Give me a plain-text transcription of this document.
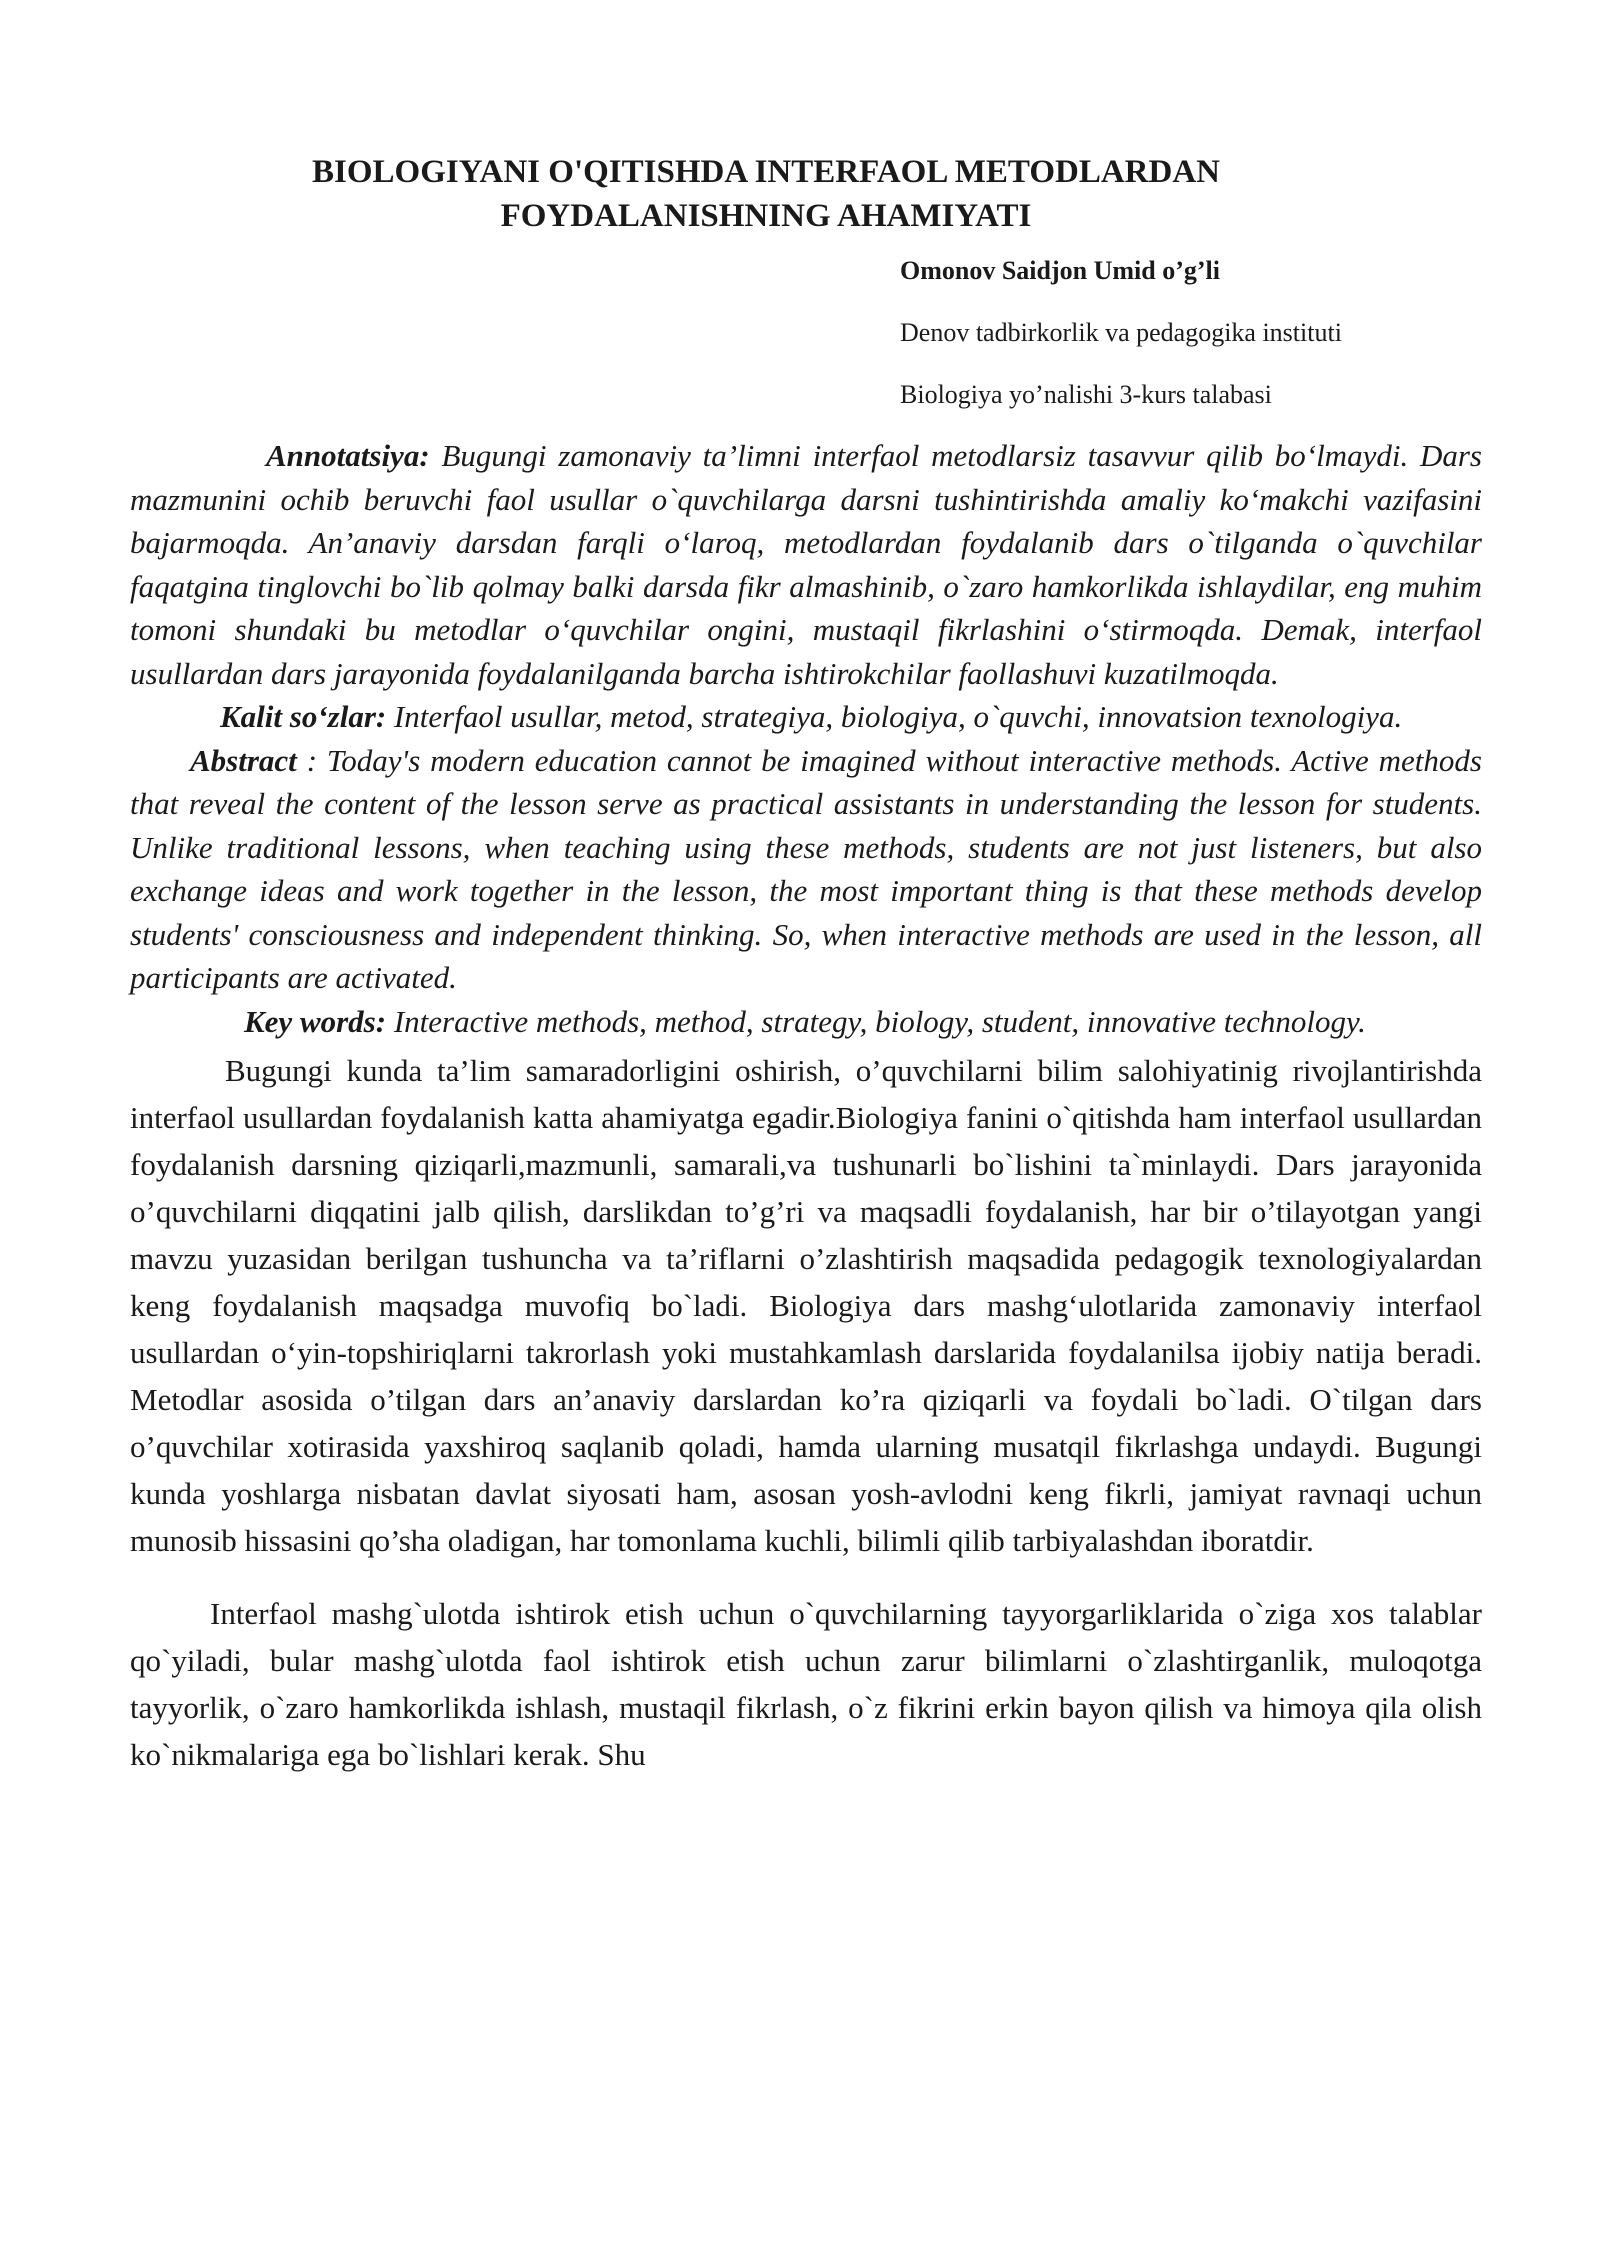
BIOLOGIYANI O'QITISHDA INTERFAOL METODLARDAN
FOYDALANISHNING AHAMIYATI
Omonov Saidjon Umid o’g’li
Denov tadbirkorlik va pedagogika instituti
Biologiya yo’nalishi 3-kurs talabasi

Annotatsiya: Bugungi zamonaviy ta’limni interfaol metodlarsiz tasavvur qilib bo‘lmaydi. Dars mazmunini ochib beruvchi faol usullar o`quvchilarga darsni tushintirishda amaliy ko‘makchi vazifasini bajarmoqda. An’anaviy darsdan farqli o‘laroq, metodlardan foydalanib dars o`tilganda o`quvchilar faqatgina tinglovchi bo`lib qolmay balki darsda fikr almashinib, o`zaro hamkorlikda ishlaydilar, eng muhim tomoni shundaki bu metodlar o‘quvchilar ongini, mustaqil fikrlashini o‘stirmoqda. Demak, interfaol usullardan dars jarayonida foydalanilganda barcha ishtirokchilar faollashuvi kuzatilmoqda.

Kalit so‘zlar: Interfaol usullar, metod, strategiya, biologiya, o`quvchi, innovatsion texnologiya.

Abstract : Today's modern education cannot be imagined without interactive methods. Active methods that reveal the content of the lesson serve as practical assistants in understanding the lesson for students. Unlike traditional lessons, when teaching using these methods, students are not just listeners, but also exchange ideas and work together in the lesson, the most important thing is that these methods develop students' consciousness and independent thinking. So, when interactive methods are used in the lesson, all participants are activated.

Key words: Interactive methods, method, strategy, biology, student, innovative technology.

Bugungi kunda ta’lim samaradorligini oshirish, o’quvchilarni bilim salohiyatinig rivojlantirishda interfaol usullardan foydalanish katta ahamiyatga egadir.Biologiya fanini o`qitishda ham interfaol usullardan foydalanish darsning qiziqarli,mazmunli, samarali,va tushunarli bo`lishini ta`minlaydi. Dars jarayonida o’quvchilarni diqqatini jalb qilish, darslikdan to’g’ri va maqsadli foydalanish, har bir o’tilayotgan yangi mavzu yuzasidan berilgan tushuncha va ta’riflarni o’zlashtirish maqsadida pedagogik texnologiyalardan keng foydalanish maqsadga muvofiq bo`ladi. Biologiya dars mashg‘ulotlarida zamonaviy interfaol usullardan o‘yin-topshiriqlarni takrorlash yoki mustahkamlash darslarida foydalanilsa ijobiy natija beradi. Metodlar asosida o’tilgan dars an’anaviy darslardan ko’ra qiziqarli va foydali bo`ladi. O`tilgan dars o’quvchilar xotirasida yaxshiroq saqlanib qoladi, hamda ularning musatqil fikrlashga undaydi. Bugungi kunda yoshlarga nisbatan davlat siyosati ham, asosan yosh-avlodni keng fikrli, jamiyat ravnaqi uchun munosib hissasini qo’sha oladigan, har tomonlama kuchli, bilimli qilib tarbiyalashdan iboratdir.

Interfaol mashg`ulotda ishtirok etish uchun o`quvchilarning tayyorgarliklarida o`ziga xos talablar qo`yiladi, bular mashg`ulotda faol ishtirok etish uchun zarur bilimlarni o`zlashtirganlik, muloqotga tayyorlik, o`zaro hamkorlikda ishlash, mustaqil fikrlash, o`z fikrini erkin bayon qilish va himoya qila olish ko`nikmalariga ega bo`lishlari kerak. Shu
